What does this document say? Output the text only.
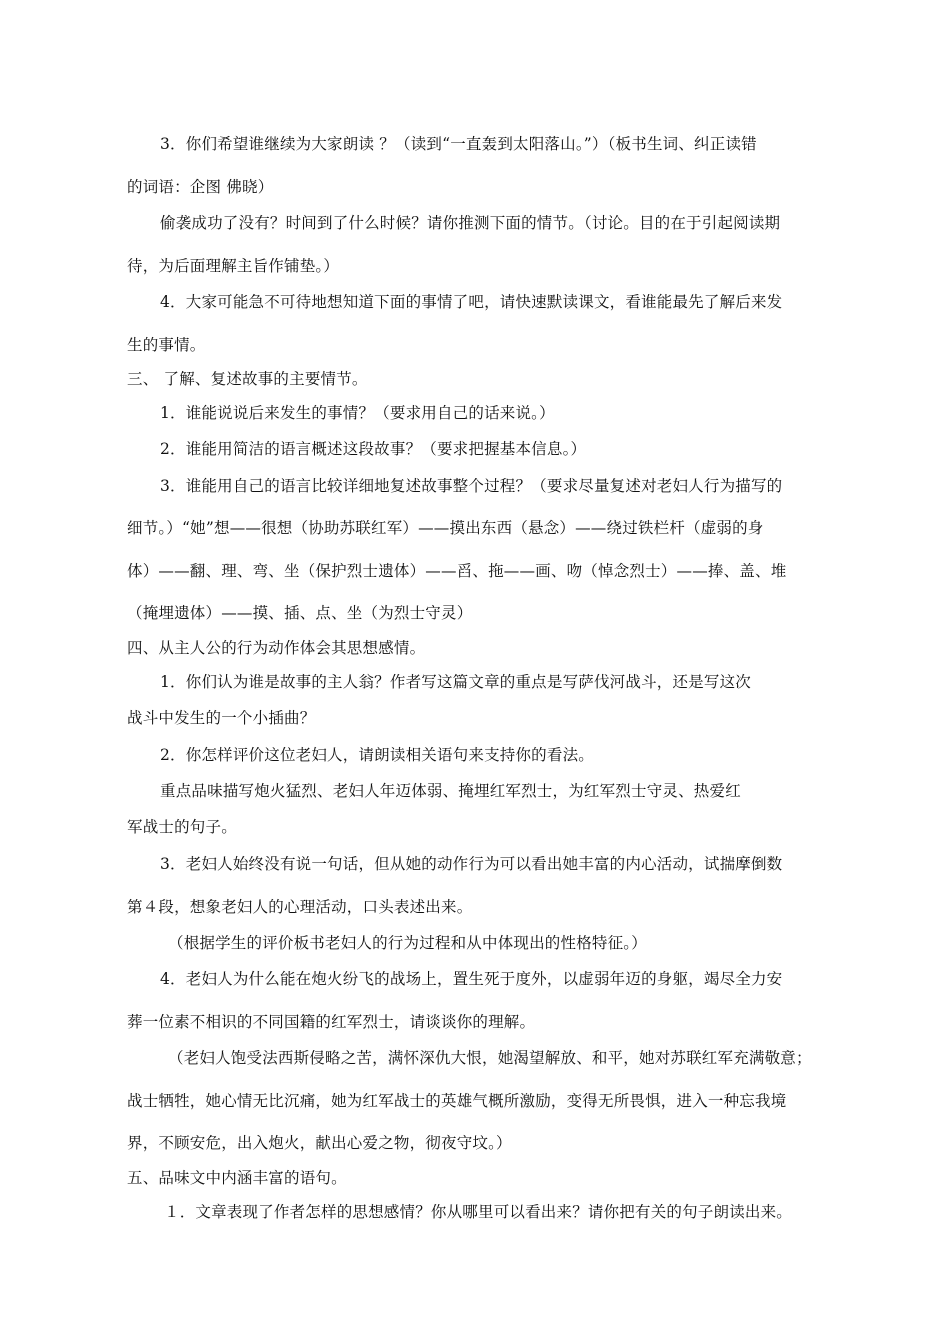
3．你们希望谁继续为大家朗读 ？（读到“一直轰到太阳落山。”）（板书生词、纠正读错
的词语：企图 佛晓）
偷袭成功了没有？时间到了什么时候？请你推测下面的情节。（讨论。目的在于引起阅读期
待，为后面理解主旨作铺垫。）
4．大家可能急不可待地想知道下面的事情了吧，请快速默读课文，看谁能最先了解后来发
生的事情。
三、 了解、复述故事的主要情节。
1．谁能说说后来发生的事情？（要求用自己的话来说。）
2．谁能用简洁的语言概述这段故事？（要求把握基本信息。）
3．谁能用自己的语言比较详细地复述故事整个过程？（要求尽量复述对老妇人行为描写的
细节。）“她”想——很想（协助苏联红军）——摸出东西（悬念）——绕过铁栏杆（虚弱的身
体）——翻、理、弯、坐（保护烈士遗体）——舀、拖——画、吻（悼念烈士）——捧、盖、堆
（掩埋遗体）——摸、插、点、坐（为烈士守灵）
四、从主人公的行为动作体会其思想感情。
1．你们认为谁是故事的主人翁？作者写这篇文章的重点是写萨伐河战斗，还是写这次
战斗中发生的一个小插曲？
2．你怎样评价这位老妇人，请朗读相关语句来支持你的看法。
重点品味描写炮火猛烈、老妇人年迈体弱、掩埋红军烈士，为红军烈士守灵、热爱红
军战士的句子。
3．老妇人始终没有说一句话，但从她的动作行为可以看出她丰富的内心活动，试揣摩倒数
第４段，想象老妇人的心理活动，口头表述出来。
（根据学生的评价板书老妇人的行为过程和从中体现出的性格特征。）
4．老妇人为什么能在炮火纷飞的战场上，置生死于度外，以虚弱年迈的身躯，竭尽全力安
葬一位素不相识的不同国籍的红军烈士，请谈谈你的理解。
（老妇人饱受法西斯侵略之苦，满怀深仇大恨，她渴望解放、和平，她对苏联红军充满敬意；
战士牺牲，她心情无比沉痛，她为红军战士的英雄气概所激励，变得无所畏惧，进入一种忘我境
界，不顾安危，出入炮火，献出心爱之物，彻夜守坟。）
五、品味文中内涵丰富的语句。
１．文章表现了作者怎样的思想感情？你从哪里可以看出来？请你把有关的句子朗读出来。
